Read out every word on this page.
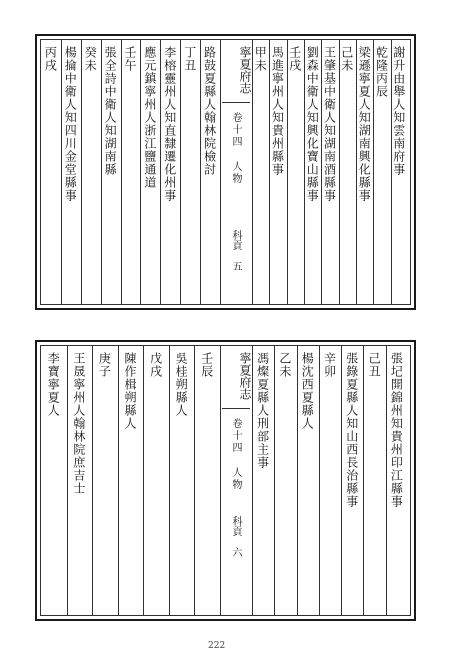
謝升由舉人知雲南府事
乾隆丙辰
梁遜寧夏人知湖南興化縣事
己未
王肇基中衛人知湖南酒縣事
劉森中衛人知興化寶山縣事
壬戌
馬進寧州人知貴州縣事
甲未
路鼓夏縣人翰林院檢討
丁丑
李榕靈州人知直隸遷化州事
應元鎮寧州人浙江鹽通道
壬午
張全詩中衛人知湖南縣
癸未
楊掄中衛人知四川金堂縣事
丙戌	寧夏府志
卷十四 人物
科貢 五
張圮開錦州知貴州印江縣事
己丑
張錄夏縣人知山西長治縣事
辛卯
楊沈西夏縣人
乙未
馮燦夏縣人刑部主事
壬辰
吳桂朔縣人
戊戌
陳作楫朔縣人
庚子
王晟寧州人翰林院庶吉士
李寶寧夏人	寧夏府志
卷十四 人物
科貢 六
222
